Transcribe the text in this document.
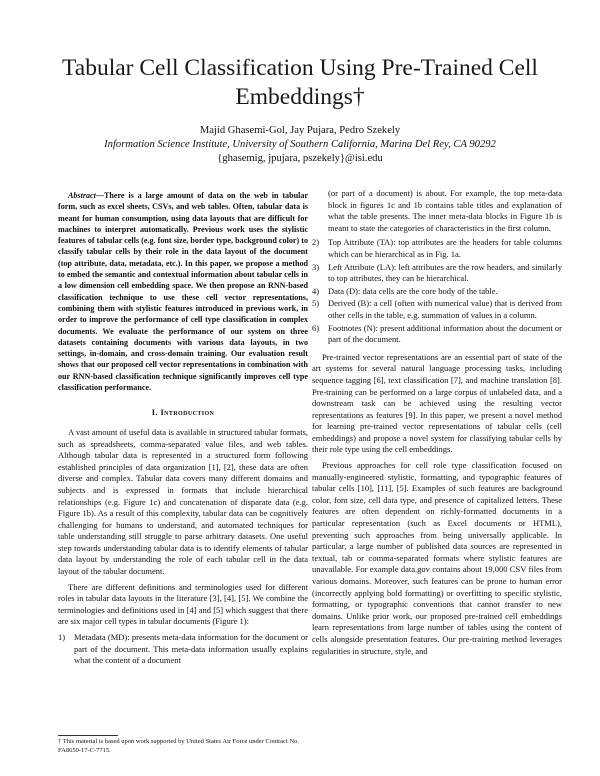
Tabular Cell Classification Using Pre-Trained Cell Embeddings†
Majid Ghasemi-Gol, Jay Pujara, Pedro Szekely
Information Science Institute, University of Southern California, Marina Del Rey, CA 90292
{ghasemig, jpujara, pszekely}@isi.edu

Abstract—There is a large amount of data on the web in tabular form, such as excel sheets, CSVs, and web tables. Often, tabular data is meant for human consumption, using data layouts that are difficult for machines to interpret automatically. Previous work uses the stylistic features of tabular cells (e.g. font size, border type, background color) to classify tabular cells by their role in the data layout of the document (top attribute, data, metadata, etc.). In this paper, we propose a method to embed the semantic and contextual information about tabular cells in a low dimension cell embedding space. We then propose an RNN-based classification technique to use these cell vector representations, combining them with stylistic features introduced in previous work, in order to improve the performance of cell type classification in complex documents. We evaluate the performance of our system on three datasets containing documents with various data layouts, in two settings, in-domain, and cross-domain training. Our evaluation result shows that our proposed cell vector representations in combination with our RNN-based classification technique significantly improves cell type classification performance.

I. Introduction

A vast amount of useful data is available in structured tabular formats, such as spreadsheets, comma-separated value files, and web tables. Although tabular data is represented in a structured form following established principles of data organization [1], [2], these data are often diverse and complex. Tabular data covers many different domains and subjects and is expressed in formats that include hierarchical relationships (e.g. Figure 1c) and concatenation of disparate data (e.g. Figure 1b). As a result of this complexity, tabular data can be cognitively challenging for humans to understand, and automated techniques for table understanding still struggle to parse arbitrary datasets. One useful step towards understanding tabular data is to identify elements of tabular data layout by understanding the role of each tabular cell in the data layout of the tabular document.

There are different definitions and terminologies used for different roles in tabular data layouts in the literature [3], [4], [5]. We combine the terminologies and definitions used in [4] and [5] which suggest that there are six major cell types in tabular documents (Figure 1):

1)	Metadata (MD): presents meta-data information for the document or part of the document. This meta-data information usually explains what the content of a document
(or part of a document) is about. For example, the top meta-data block in figures 1c and 1b contains table titles and explanation of what the table presents. The inner meta-data blocks in Figure 1b is meant to state the categories of characteristics in the first column.
2)	Top Attribute (TA): top attributes are the headers for table columns which can be hierarchical as in Fig. 1a.
3)	Left Attribute (LA): left attributes are the row headers, and similarly to top attributes, they can be hierarchical.
4)	Data (D): data cells are the core body of the table.
5)	Derived (B): a cell (often with numerical value) that is derived from other cells in the table, e.g. summation of values in a column.
6)	Footnotes (N): present additional information about the document or part of the document.

Pre-trained vector representations are an essential part of state of the art systems for several natural language processing tasks, including sequence tagging [6], text classification [7], and machine translation [8]. Pre-training can be performed on a large corpus of unlabeled data, and a downstream task can be achieved using the resulting vector representations as features [9]. In this paper, we present a novel method for learning pre-trained vector representations of tabular cells (cell embeddings) and propose a novel system for classifying tabular cells by their role type using the cell embeddings.

Previous approaches for cell role type classification focused on manually-engineered stylistic, formatting, and typographic features of tabular cells [10], [11], [5]. Examples of such features are background color, font size, cell data type, and presence of capitalized letters. These features are often dependent on richly-formatted documents in a particular representation (such as Excel documents or HTML), preventing such approaches from being universally applicable. In particular, a large number of published data sources are represented in textual, tab or comma-separated formats where stylistic features are unavailable. For example data.gov contains about 19,000 CSV files from various domains. Moreover, such features can be prone to human error (incorrectly applying bold formatting) or overfitting to specific stylistic, formatting, or typographic conventions that cannot transfer to new domains. Unlike prior work, our proposed pre-trained cell embeddings learn representations from large number of tables using the content of cells alongside presentation features. Our pre-training method leverages regularities in structure, style, and

† This material is based upon work supported by United States Air Force under Contract No. FA8650-17-C-7715.
